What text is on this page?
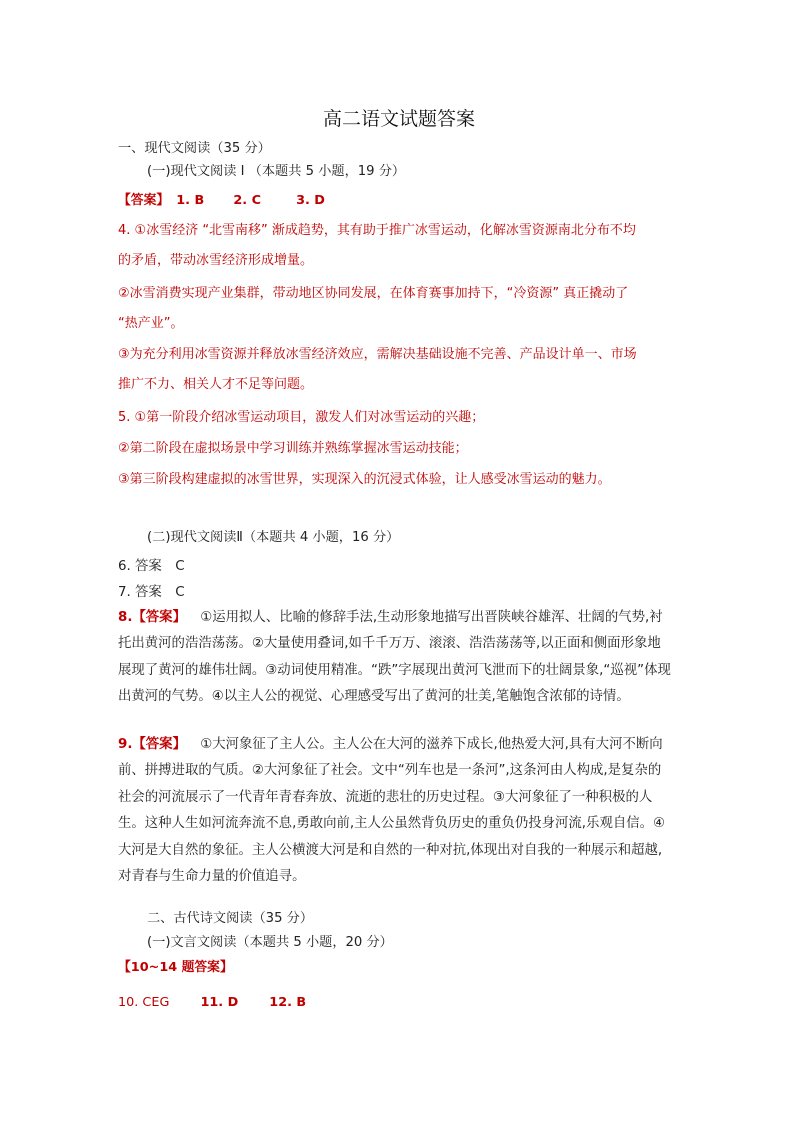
高二语文试题答案
一、现代文阅读（35 分）
(一)现代文阅读 I （本题共 5 小题，19 分）
【答案】 1. B 2. C	3. D
4. ①冰雪经济 “北雪南移” 渐成趋势，其有助于推广冰雪运动，化解冰雪资源南北分布不均
的矛盾，带动冰雪经济形成增量。
②冰雪消费实现产业集群，带动地区协同发展，在体育赛事加持下，“冷资源” 真正撬动了
“热产业”。
③为充分利用冰雪资源并释放冰雪经济效应，需解决基础设施不完善、产品设计单一、市场
推广不力、相关人才不足等问题。
5. ①第一阶段介绍冰雪运动项目，激发人们对冰雪运动的兴趣；
②第二阶段在虚拟场景中学习训练并熟练掌握冰雪运动技能；
③第三阶段构建虚拟的冰雪世界，实现深入的沉浸式体验，让人感受冰雪运动的魅力。
(二)现代文阅读Ⅱ（本题共 4 小题，16 分）
6. 答案　C
7. 答案　C
8.【答案】 ①运用拟人、比喻的修辞手法,生动形象地描写出晋陕峡谷雄浑、壮阔的气势,衬托出黄河的浩浩荡荡。②大量使用叠词,如千千万万、滚滚、浩浩荡荡等,以正面和侧面形象地展现了黄河的雄伟壮阔。③动词使用精准。“跌”字展现出黄河飞泄而下的壮阔景象,“巡视”体现出黄河的气势。④以主人公的视觉、心理感受写出了黄河的壮美,笔触饱含浓郁的诗情。
9.【答案】 ①大河象征了主人公。主人公在大河的滋养下成长,他热爱大河,具有大河不断向前、拼搏进取的气质。②大河象征了社会。文中“列车也是一条河”,这条河由人构成,是复杂的社会的河流展示了一代青年青春奔放、流逝的悲壮的历史过程。③大河象征了一种积极的人生。这种人生如河流奔流不息,勇敢向前,主人公虽然背负历史的重负仍投身河流,乐观自信。④大河是大自然的象征。主人公横渡大河是和自然的一种对抗,体现出对自我的一种展示和超越,对青春与生命力量的价值追寻。
二、古代诗文阅读（35 分）
(一)文言文阅读（本题共 5 小题，20 分）
【10~14 题答案】
10. CEG 11. D 12. B
